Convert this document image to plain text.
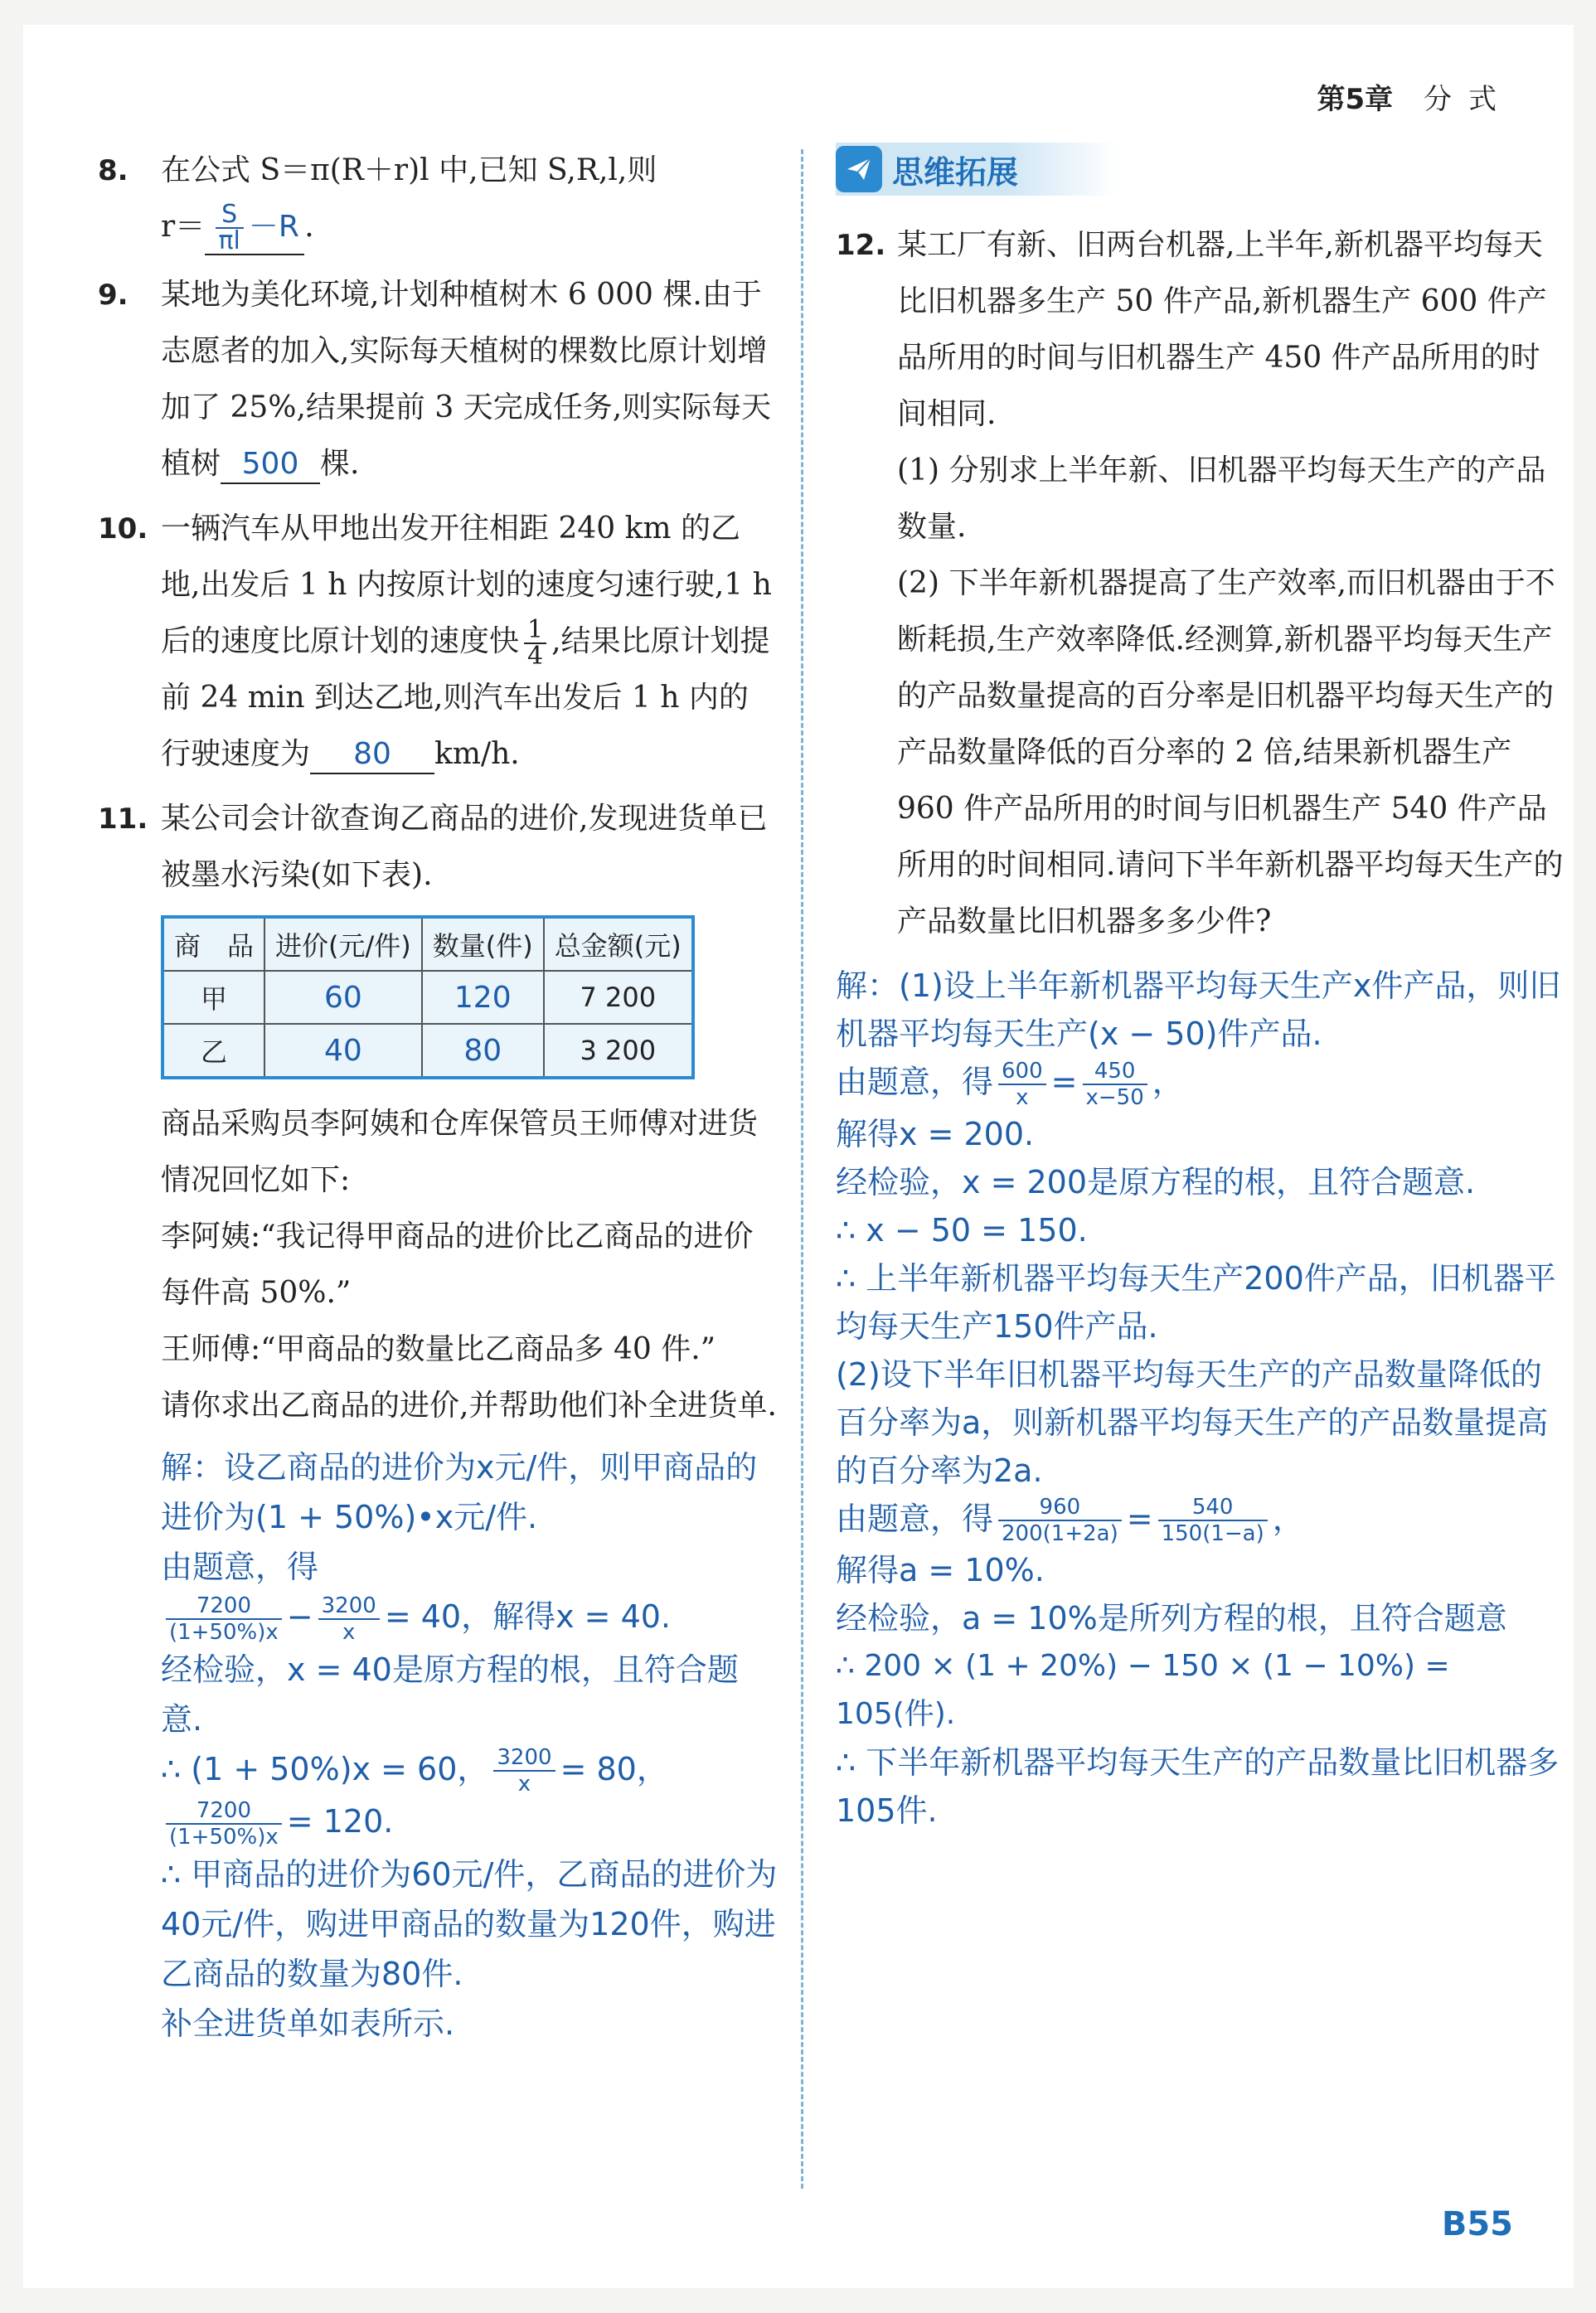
第5章 分式
8.	在公式 S＝π(R＋r)l 中,已知 S,R,l,则
$r= \frac{S}{\pi l} -R$ .
9.	某地为美化环境,计划种植树木 6 000 棵.由于志愿者的加入,实际每天植树的棵数比原计划增加了 25%,结果提前 3 天完成任务,则实际每天植树 500 棵.
10. 一辆汽车从甲地出发开往相距 240 km 的乙地,出发后 1 h 内按原计划的速度匀速行驶,1 h 后的速度比原计划的速度快 $\frac{1}{4}$ ,结果比原计划提前 24 min 到达乙地,则汽车出发后 1 h 内的行驶速度为 80 km/h.
11. 某公司会计欲查询乙商品的进价,发现进货单已被墨水污染(如下表).
商　品	进价(元/件)	数量(件)	总金额(元)
甲	60	120	7 200
乙	40	80	3 200
商品采购员李阿姨和仓库保管员王师傅对进货情况回忆如下:
李阿姨:“我记得甲商品的进价比乙商品的进价每件高 50%.”
王师傅:“甲商品的数量比乙商品多 40 件.”
请你求出乙商品的进价,并帮助他们补全进货单.

解：设乙商品的进价为x元/件，则甲商品的进价为(1 + 50%)•x元/件.

由题意，得

$\frac{7200}{(1+50\%)x} - \frac{3200}{x} = 40$，解得x = 40.

经检验，x = 40是原方程的根，且符合题意.

∴ (1 + 50%)x = 60， $\frac{3200}{x} = 80$，

$\frac{7200}{(1+50\%)x} = 120$.

∴ 甲商品的进价为60元/件，乙商品的进价为40元/件，购进甲商品的数量为120件，购进乙商品的数量为80件.

补全进货单如表所示.

思维拓展
12. 某工厂有新、旧两台机器,上半年,新机器平均每天比旧机器多生产 50 件产品,新机器生产 600 件产品所用的时间与旧机器生产 450 件产品所用的时间相同.
(1) 分别求上半年新、旧机器平均每天生产的产品数量.
(2) 下半年新机器提高了生产效率,而旧机器由于不断耗损,生产效率降低.经测算,新机器平均每天生产的产品数量提高的百分率是旧机器平均每天生产的产品数量降低的百分率的 2 倍,结果新机器生产 960 件产品所用的时间与旧机器生产 540 件产品所用的时间相同.请问下半年新机器平均每天生产的产品数量比旧机器多多少件?

解：(1)设上半年新机器平均每天生产x件产品，则旧机器平均每天生产(x − 50)件产品.

由题意，得 $\frac{600}{x} = \frac{450}{x-50}$ ，

解得x = 200.

经检验，x = 200是原方程的根，且符合题意.

∴ x − 50 = 150.

∴ 上半年新机器平均每天生产200件产品，旧机器平均每天生产150件产品.

(2)设下半年旧机器平均每天生产的产品数量降低的百分率为a，则新机器平均每天生产的产品数量提高的百分率为2a.

由题意，得 $\frac{960}{200(1+2a)} = \frac{540}{150(1-a)}$ ，

解得a = 10%.

经检验，a = 10%是所列方程的根，且符合题意

∴ 200 × (1 + 20%) − 150 × (1 − 10%) = 105(件).

∴ 下半年新机器平均每天生产的产品数量比旧机器多105件.

B55
